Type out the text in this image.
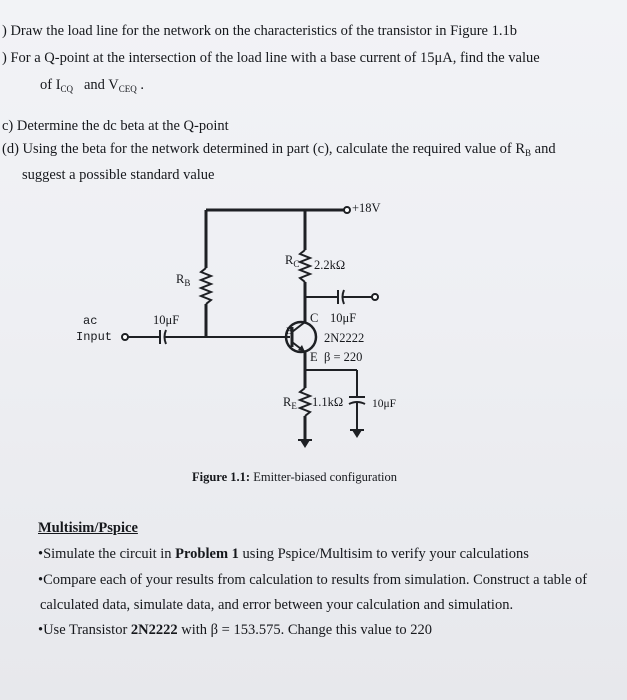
) Draw the load line for the network on the characteristics of the transistor in Figure 1.1b
) For a Q-point at the intersection of the load line with a base current of 15μA, find the value
of $I_{CQ}$ and $V_{CEQ}$ .
c) Determine the dc beta at the Q-point
(d) Using the beta for the network determined in part (c), calculate the required value of $R_B$ and
suggest a possible standard value
+18V
$R_C$ 2.2kΩ
$R_B$
C 10μF
10μF
ac
Input	B	2N2222
E β = 220
$R_E$ 1.1kΩ	10μF
Figure 1.1: Emitter-biased configuration
Multisim/Pspice
•Simulate the circuit in Problem 1 using Pspice/Multisim to verify your calculations
•Compare each of your results from calculation to results from simulation. Construct a table of
calculated data, simulate data, and error between your calculation and simulation.
•Use Transistor 2N2222 with β = 153.575. Change this value to 220
